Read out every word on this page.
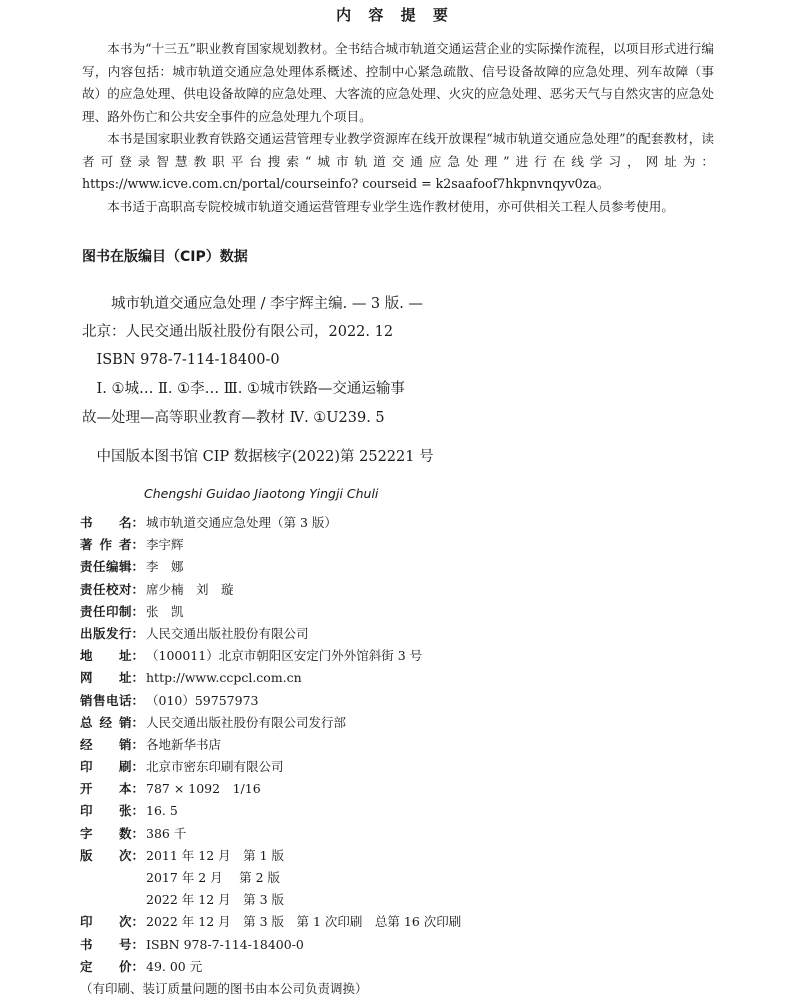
内 容 提 要

本书为“十三五”职业教育国家规划教材。全书结合城市轨道交通运营企业的实际操作流程，以项目形式进行编写，内容包括：城市轨道交通应急处理体系概述、控制中心紧急疏散、信号设备故障的应急处理、列车故障（事故）的应急处理、供电设备故障的应急处理、大客流的应急处理、火灾的应急处理、恶劣天气与自然灾害的应急处理、路外伤亡和公共安全事件的应急处理九个项目。

本书是国家职业教育铁路交通运营管理专业教学资源库在线开放课程“城市轨道交通应急处理”的配套教材，读者可登录智慧教职平台搜索“城市轨道交通应急处理”进行在线学习，网址为：https://www.icve.com.cn/portal/courseinfo? courseid = k2saafoof7hkpnvnqyv0za。

本书适于高职高专院校城市轨道交通运营管理专业学生选作教材使用，亦可供相关工程人员参考使用。

图书在版编目（CIP）数据
城市轨道交通应急处理 / 李宇辉主编. — 3 版. —
北京：人民交通出版社股份有限公司，2022. 12
ISBN 978-7-114-18400-0
Ⅰ. ①城… Ⅱ. ①李… Ⅲ. ①城市铁路—交通运输事
故—处理—高等职业教育—教材 Ⅳ. ①U239. 5
中国版本图书馆 CIP 数据核字(2022)第 252221 号
Chengshi Guidao Jiaotong Yingji Chuli
书 名： 城市轨道交通应急处理（第 3 版）
著 作 者： 李宇辉
责 任 编 辑： 李　娜
责 任 校 对： 席少楠　刘　璇
责 任 印 制： 张　凯
出 版 发 行： 人民交通出版社股份有限公司
地 址： （100011）北京市朝阳区安定门外外馆斜街 3 号
网 址： http://www.ccpcl.com.cn
销 售 电 话： （010）59757973
总 经 销： 人民交通出版社股份有限公司发行部
经 销： 各地新华书店
印 刷： 北京市密东印刷有限公司
开 本： 787 × 1092　1/16
印 张： 16. 5
字 数： 386 千
版 次： 2011 年 12 月　第 1 版
2017 年 2 月　 第 2 版
2022 年 12 月　第 3 版
印 次： 2022 年 12 月　第 3 版　第 1 次印刷　总第 16 次印刷
书 号： ISBN 978-7-114-18400-0
定 价： 49. 00 元
（有印刷、装订质量问题的图书由本公司负责调换）
